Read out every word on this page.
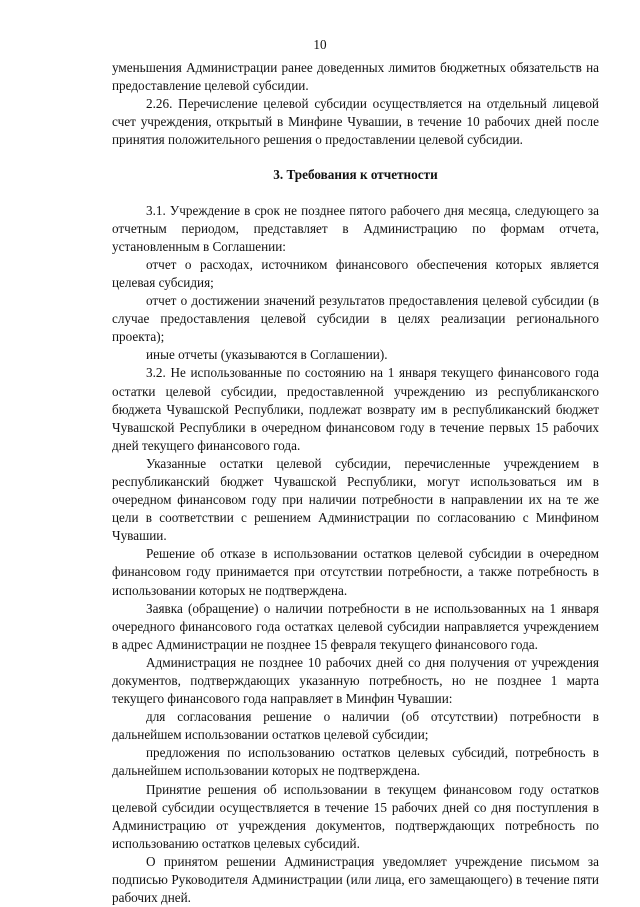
10
уменьшения Администрации ранее доведенных лимитов бюджетных обязательств на предоставление целевой субсидии.
2.26. Перечисление целевой субсидии осуществляется на отдельный лицевой счет учреждения, открытый в Минфине Чувашии, в течение 10 рабочих дней после принятия положительного решения о предоставлении целевой субсидии.
3. Требования к отчетности
3.1. Учреждение в срок не позднее пятого рабочего дня месяца, следующего за отчетным периодом, представляет в Администрацию по формам отчета, установленным в Соглашении:
отчет о расходах, источником финансового обеспечения которых является целевая субсидия;
отчет о достижении значений результатов предоставления целевой субсидии (в случае предоставления целевой субсидии в целях реализации регионального проекта);
иные отчеты (указываются в Соглашении).
3.2. Не использованные по состоянию на 1 января текущего финансового года остатки целевой субсидии, предоставленной учреждению из республиканского бюджета Чувашской Республики, подлежат возврату им в республиканский бюджет Чувашской Республики в очередном финансовом году в течение первых 15 рабочих дней текущего финансового года.
Указанные остатки целевой субсидии, перечисленные учреждением в республиканский бюджет Чувашской Республики, могут использоваться им в очередном финансовом году при наличии потребности в направлении их на те же цели в соответствии с решением Администрации по согласованию с Минфином Чувашии.
Решение об отказе в использовании остатков целевой субсидии в очередном финансовом году принимается при отсутствии потребности, а также потребность в использовании которых не подтверждена.
Заявка (обращение) о наличии потребности в не использованных на 1 января очередного финансового года остатках целевой субсидии направляется учреждением в адрес Администрации не позднее 15 февраля текущего финансового года.
Администрация не позднее 10 рабочих дней со дня получения от учреждения документов, подтверждающих указанную потребность, но не позднее 1 марта текущего финансового года направляет в Минфин Чувашии:
для согласования решение о наличии (об отсутствии) потребности в дальнейшем использовании остатков целевой субсидии;
предложения по использованию остатков целевых субсидий, потребность в дальнейшем использовании которых не подтверждена.
Принятие решения об использовании в текущем финансовом году остатков целевой субсидии осуществляется в течение 15 рабочих дней со дня поступления в Администрацию от учреждения документов, подтверждающих потребность по использованию остатков целевых субсидий.
О принятом решении Администрация уведомляет учреждение письмом за подписью Руководителя Администрации (или лица, его замещающего) в течение пяти рабочих дней.
